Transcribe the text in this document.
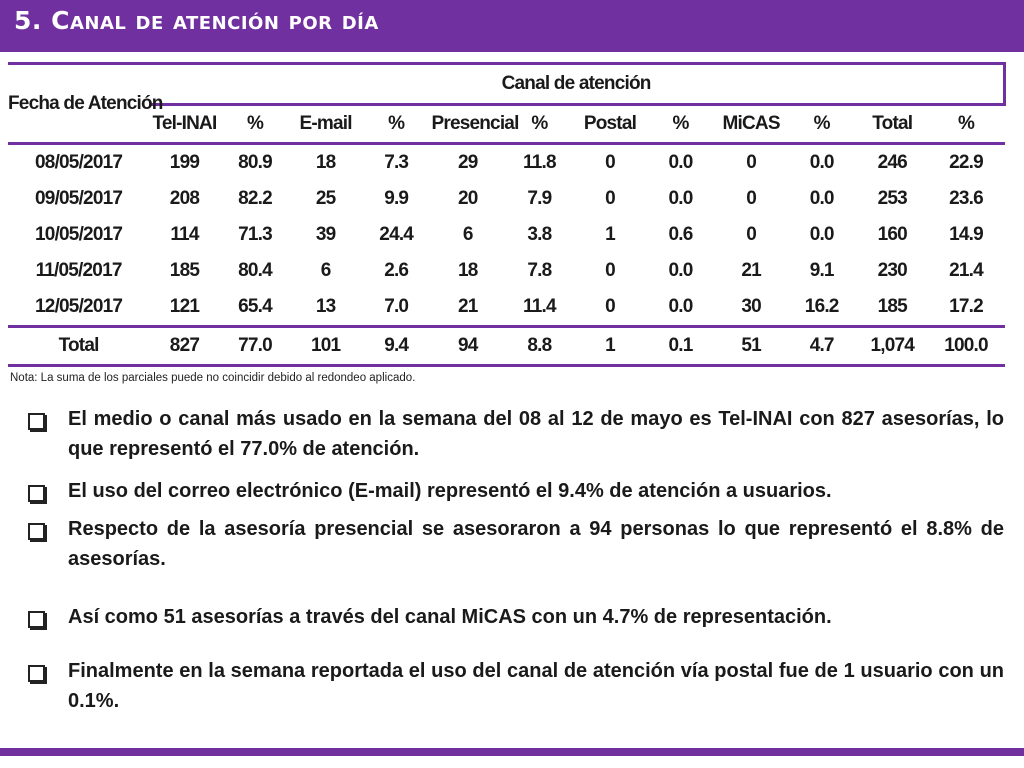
5. Canal de atención por día
Fecha de Atención	Canal de atención											
	Tel-INAI	%	E-mail	%	Presencial	%	Postal	%	MiCAS	%	Total	%
08/05/2017	199	80.9	18	7.3	29	11.8	0	0.0	0	0.0	246	22.9
09/05/2017	208	82.2	25	9.9	20	7.9	0	0.0	0	0.0	253	23.6
10/05/2017	114	71.3	39	24.4	6	3.8	1	0.6	0	0.0	160	14.9
11/05/2017	185	80.4	6	2.6	18	7.8	0	0.0	21	9.1	230	21.4
12/05/2017	121	65.4	13	7.0	21	11.4	0	0.0	30	16.2	185	17.2
Total	827	77.0	101	9.4	94	8.8	1	0.1	51	4.7	1,074	100.0
Nota: La suma de los parciales puede no coincidir debido al redondeo aplicado.
El medio o canal más usado en la semana del 08 al 12 de mayo es Tel-INAI con 827 asesorías, lo que representó el 77.0% de atención.
El uso del correo electrónico (E-mail) representó el 9.4% de atención a usuarios.
Respecto de la asesoría presencial se asesoraron a 94 personas lo que representó el 8.8% de asesorías.
Así como 51 asesorías a través del canal MiCAS con un 4.7% de representación.
Finalmente en la semana reportada el uso del canal de atención vía postal fue de 1 usuario con un 0.1%.
